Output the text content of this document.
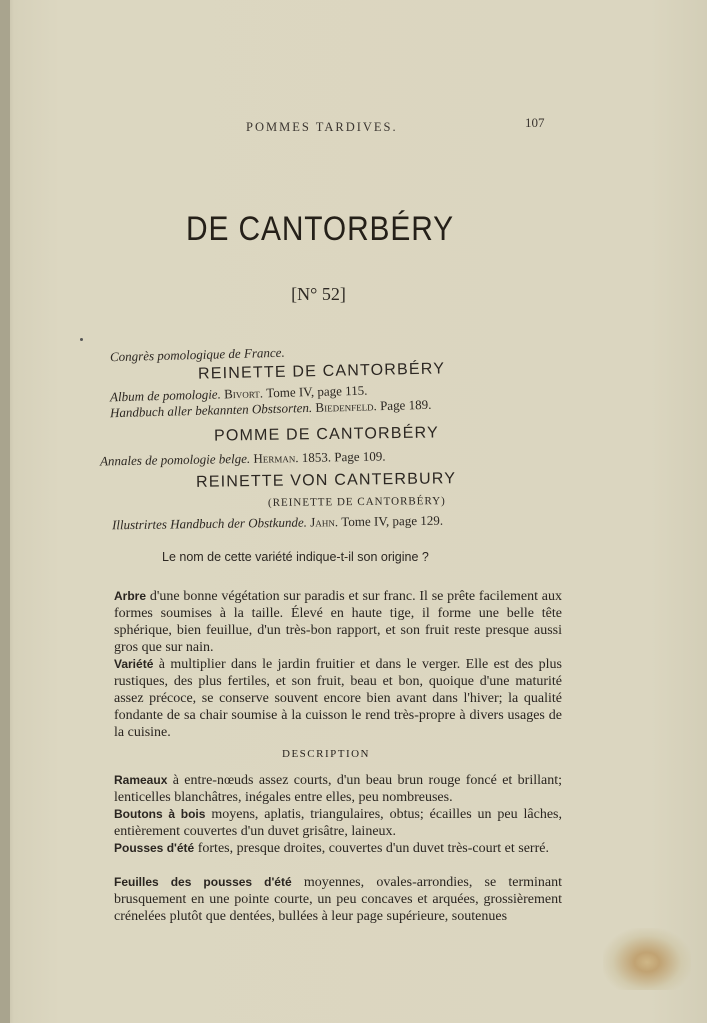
POMMES TARDIVES.	107
DE CANTORBÉRY
[N° 52]
Congrès pomologique de France.
REINETTE DE CANTORBÉRY
Album de pomologie. Bivort. Tome IV, page 115.
Handbuch aller bekannten Obstsorten. Biedenfeld. Page 189.
POMME DE CANTORBÉRY
Annales de pomologie belge. Herman. 1853. Page 109.
REINETTE VON CANTERBURY
(REINETTE DE CANTORBÉRY)
Illustrirtes Handbuch der Obstkunde. Jahn. Tome IV, page 129.
Le nom de cette variété indique-t-il son origine ?
Arbre d'une bonne végétation sur paradis et sur franc. Il se prête facilement aux formes soumises à la taille. Élevé en haute tige, il forme une belle tête sphérique, bien feuillue, d'un très-bon rapport, et son fruit reste presque aussi gros que sur nain.
Variété à multiplier dans le jardin fruitier et dans le verger. Elle est des plus rustiques, des plus fertiles, et son fruit, beau et bon, quoique d'une maturité assez précoce, se conserve souvent encore bien avant dans l'hiver; la qualité fondante de sa chair soumise à la cuisson le rend très-propre à divers usages de la cuisine.
DESCRIPTION
Rameaux à entre-nœuds assez courts, d'un beau brun rouge foncé et brillant; lenticelles blanchâtres, inégales entre elles, peu nombreuses.
Boutons à bois moyens, aplatis, triangulaires, obtus; écailles un peu lâches, entièrement couvertes d'un duvet grisâtre, laineux.
Pousses d'été fortes, presque droites, couvertes d'un duvet très-court et serré.
Feuilles des pousses d'été moyennes, ovales-arrondies, se terminant brusquement en une pointe courte, un peu concaves et arquées, grossièrement crénelées plutôt que dentées, bullées à leur page supérieure, soutenues
